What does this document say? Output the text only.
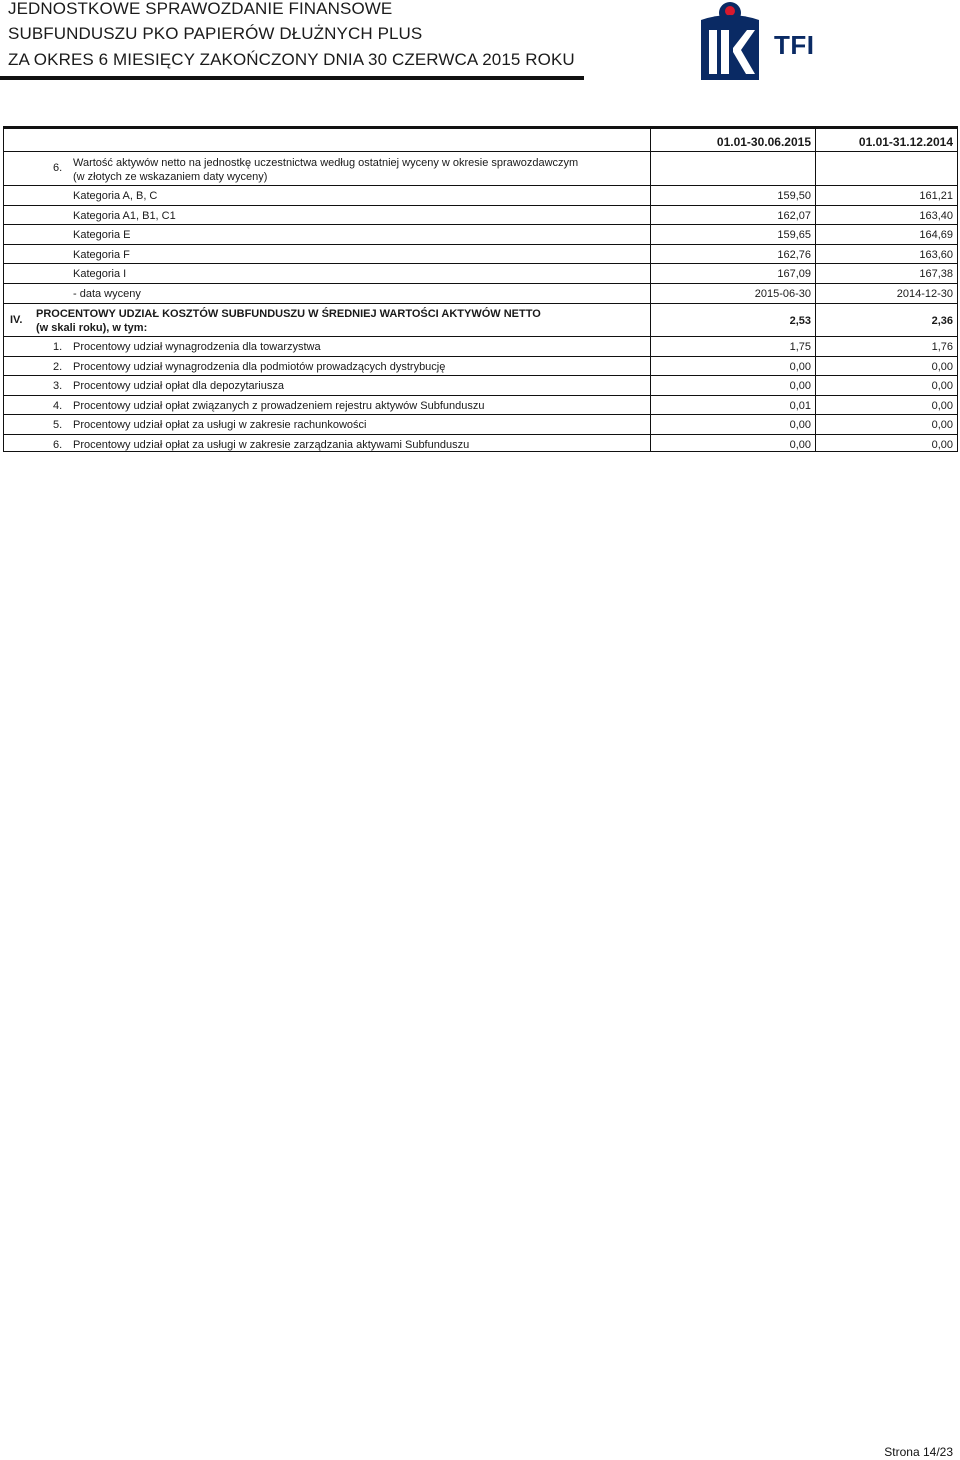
JEDNOSTKOWE SPRAWOZDANIE FINANSOWE
SUBFUNDUSZU PKO PAPIERÓW DŁUŻNYCH PLUS
ZA OKRES 6 MIESIĘCY ZAKOŃCZONY DNIA 30 CZERWCA 2015 ROKU	TFI
01.01-30.06.2015	01.01-31.12.2014
6. Wartość aktywów netto na jednostkę uczestnictwa według ostatniej wyceny w okresie sprawozdawczym
(w złotych ze wskazaniem daty wyceny)
Kategoria A, B, C	159,50	161,21
Kategoria A1, B1, C1	162,07	163,40
Kategoria E	159,65	164,69
Kategoria F	162,76	163,60
Kategoria I	167,09	167,38
- data wyceny	2015-06-30	2014-12-30
IV. PROCENTOWY UDZIAŁ KOSZTÓW SUBFUNDUSZU W ŚREDNIEJ WARTOŚCI AKTYWÓW NETTO
(w skali roku), w tym:
2,53	2,36
1. Procentowy udział wynagrodzenia dla towarzystwa	1,75	1,76
2. Procentowy udział wynagrodzenia dla podmiotów prowadzących dystrybucję	0,00	0,00
3. Procentowy udział opłat dla depozytariusza	0,00	0,00
4. Procentowy udział opłat związanych z prowadzeniem rejestru aktywów Subfunduszu	0,01	0,00
5. Procentowy udział opłat za usługi w zakresie rachunkowości	0,00	0,00
6. Procentowy udział opłat za usługi w zakresie zarządzania aktywami Subfunduszu	0,00	0,00
Strona 14/23
